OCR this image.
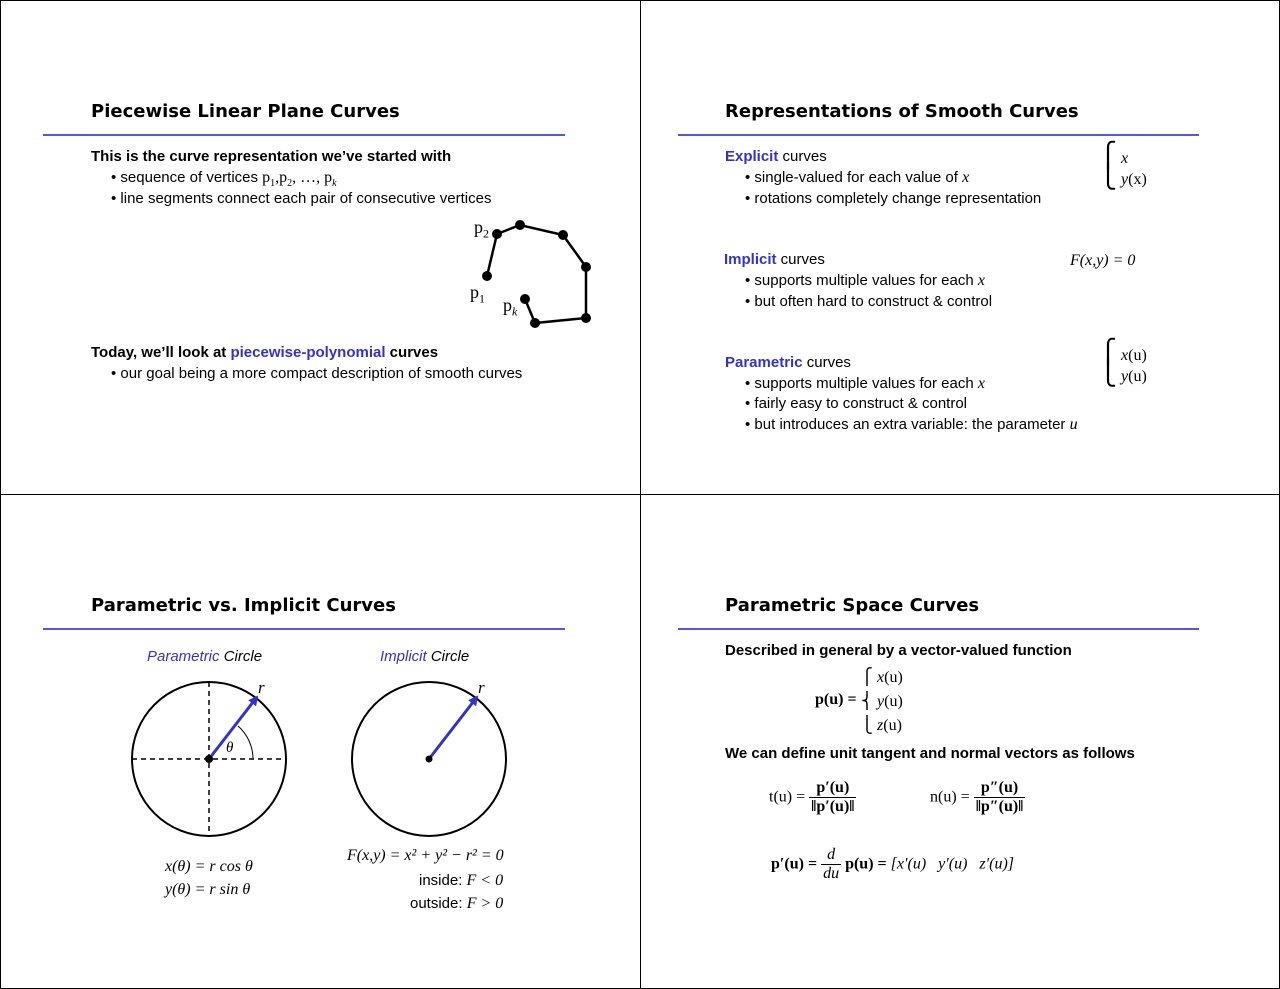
Piecewise Linear Plane Curves
This is the curve representation we’ve started with
• sequence of vertices $p_1,p_2$, …, $p_k$
• line segments connect each pair of consecutive vertices
$p_2$
$p_1$ $p_k$
Today, we’ll look at piecewise-polynomial curves
• our goal being a more compact description of smooth curves
Representations of Smooth Curves
Explicit curves
• single-valued for each value of x
• rotations completely change representation
⎧ x
⎩ y(x)
Implicit curves
• supports multiple values for each x
• but often hard to construct & control
F(x,y) = 0
Parametric curves
• supports multiple values for each x
• fairly easy to construct & control
• but introduces an extra variable: the parameter u
⎧ x(u)
⎩ y(u)
Parametric vs. Implicit Curves
Parametric Circle	Implicit Circle
r	r
θ
x(θ) = r cos θ
y(θ) = r sin θ
F(x,y) = x² + y² − r² = 0
inside: F < 0
outside: F > 0
Parametric Space Curves
Described in general by a vector-valued function
p(u) =
⎧ x(u)
⎨ y(u)
⎩ z(u)
We can define unit tangent and normal vectors as follows
$t(u) = \frac{p'(u)}{‖p'(u)‖}$	$n(u) = \frac{p''(u)}{‖p''(u)‖}$
$p'(u) = \frac{d}{du} p(u) = [x'(u)$   y′(u)   z′(u)]
